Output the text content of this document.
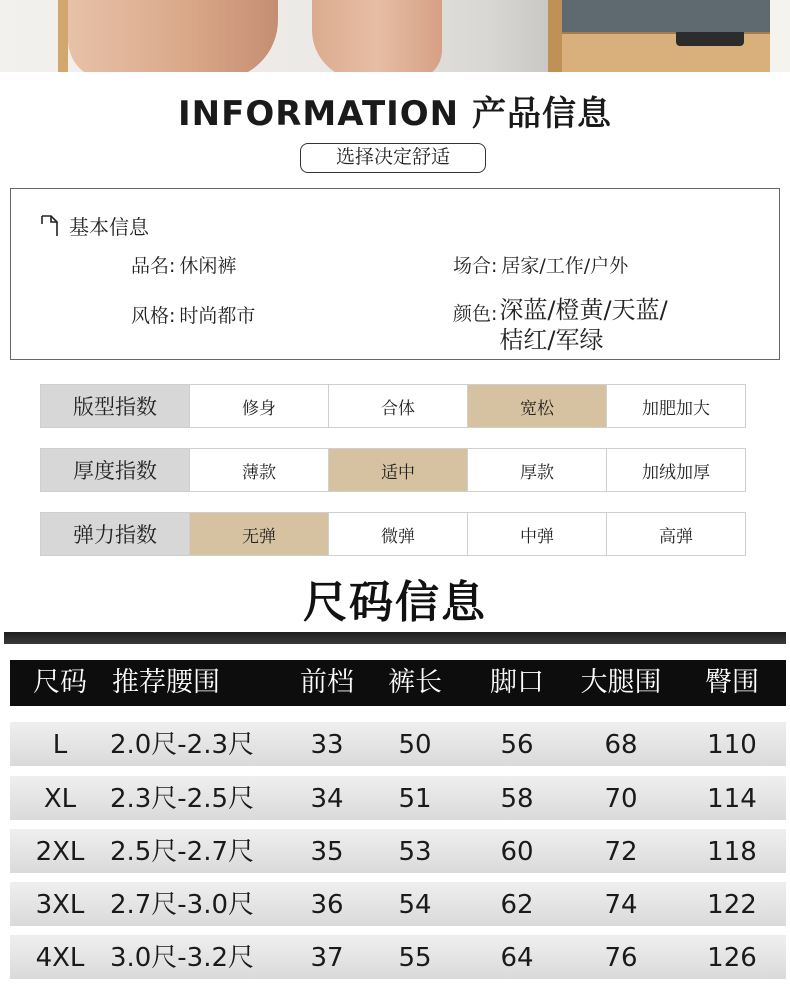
INFORMATION 产品信息
选择决定舒适
基本信息
品名: 休闲裤	场合: 居家/工作/户外
风格: 时尚都市	颜色: 深蓝/橙黄/天蓝/
桔红/军绿
版型指数	修身	合体	宽松	加肥加大
厚度指数	薄款	适中	厚款	加绒加厚
弹力指数	无弹	微弹	中弹	高弹
尺码信息
尺码 推荐腰围	前档	裤长	脚口	大腿围	臀围
L	2.0尺-2.3尺	33	50	56	68	110
XL	2.3尺-2.5尺	34	51	58	70	114
2XL 2.5尺-2.7尺	35	53	60	72	118
3XL 2.7尺-3.0尺	36	54	62	74	122
4XL 3.0尺-3.2尺	37	55	64	76	126
